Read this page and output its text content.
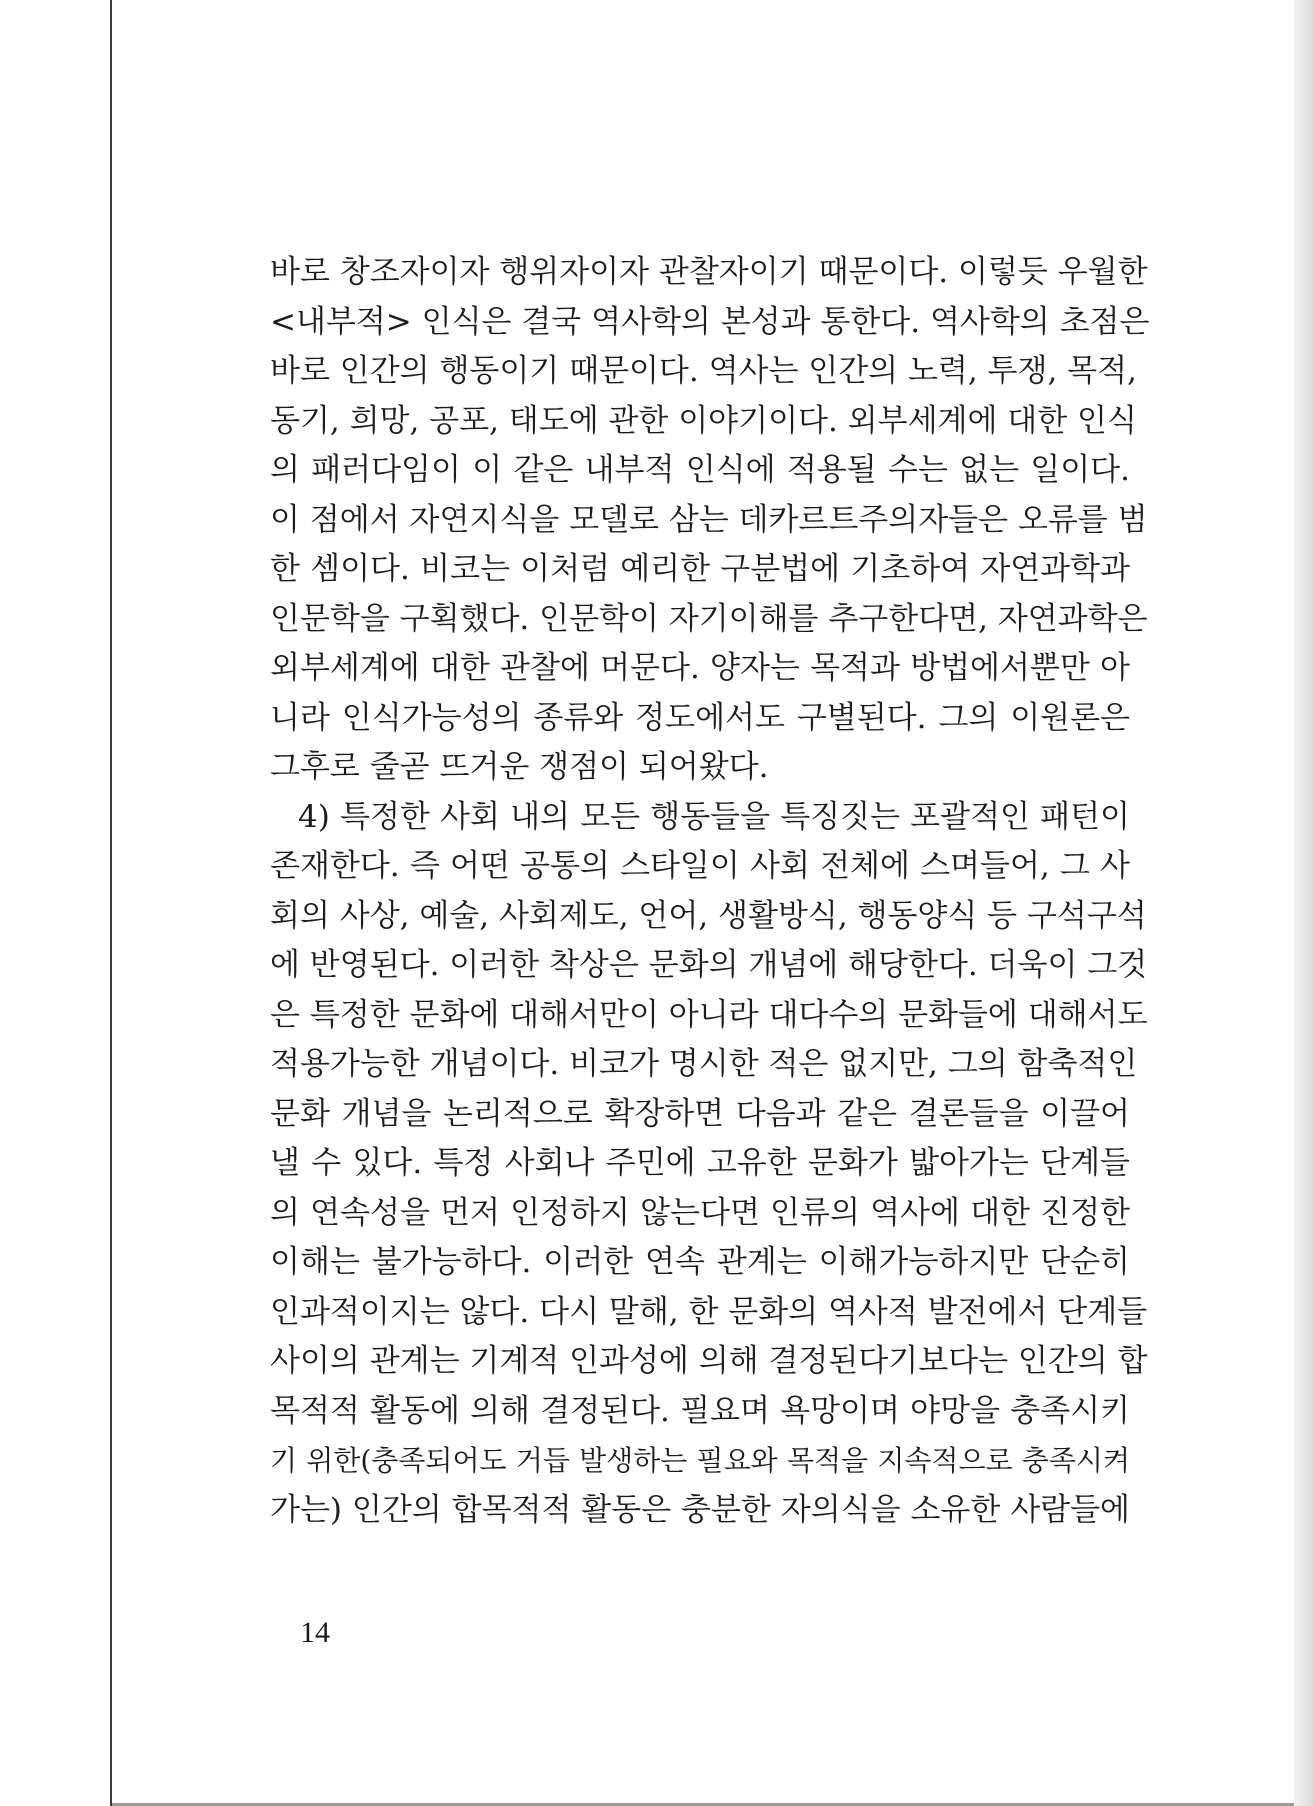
바로 창조자이자 행위자이자 관찰자이기 때문이다. 이렇듯 우월한
<내부적> 인식은 결국 역사학의 본성과 통한다. 역사학의 초점은
바로 인간의 행동이기 때문이다. 역사는 인간의 노력, 투쟁, 목적,
동기, 희망, 공포, 태도에 관한 이야기이다. 외부세계에 대한 인식
의 패러다임이 이 같은 내부적 인식에 적용될 수는 없는 일이다.
이 점에서 자연지식을 모델로 삼는 데카르트주의자들은 오류를 범
한 셈이다. 비코는 이처럼 예리한 구분법에 기초하여 자연과학과
인문학을 구획했다. 인문학이 자기이해를 추구한다면, 자연과학은
외부세계에 대한 관찰에 머문다. 양자는 목적과 방법에서뿐만 아
니라 인식가능성의 종류와 정도에서도 구별된다. 그의 이원론은
그후로 줄곧 뜨거운 쟁점이 되어왔다.
4) 특정한 사회 내의 모든 행동들을 특징짓는 포괄적인 패턴이
존재한다. 즉 어떤 공통의 스타일이 사회 전체에 스며들어, 그 사
회의 사상, 예술, 사회제도, 언어, 생활방식, 행동양식 등 구석구석
에 반영된다. 이러한 착상은 문화의 개념에 해당한다. 더욱이 그것
은 특정한 문화에 대해서만이 아니라 대다수의 문화들에 대해서도
적용가능한 개념이다. 비코가 명시한 적은 없지만, 그의 함축적인
문화 개념을 논리적으로 확장하면 다음과 같은 결론들을 이끌어
낼 수 있다. 특정 사회나 주민에 고유한 문화가 밟아가는 단계들
의 연속성을 먼저 인정하지 않는다면 인류의 역사에 대한 진정한
이해는 불가능하다. 이러한 연속 관계는 이해가능하지만 단순히
인과적이지는 않다. 다시 말해, 한 문화의 역사적 발전에서 단계들
사이의 관계는 기계적 인과성에 의해 결정된다기보다는 인간의 합
목적적 활동에 의해 결정된다. 필요며 욕망이며 야망을 충족시키
기 위한(충족되어도 거듭 발생하는 필요와 목적을 지속적으로 충족시켜
가는) 인간의 합목적적 활동은 충분한 자의식을 소유한 사람들에
14
